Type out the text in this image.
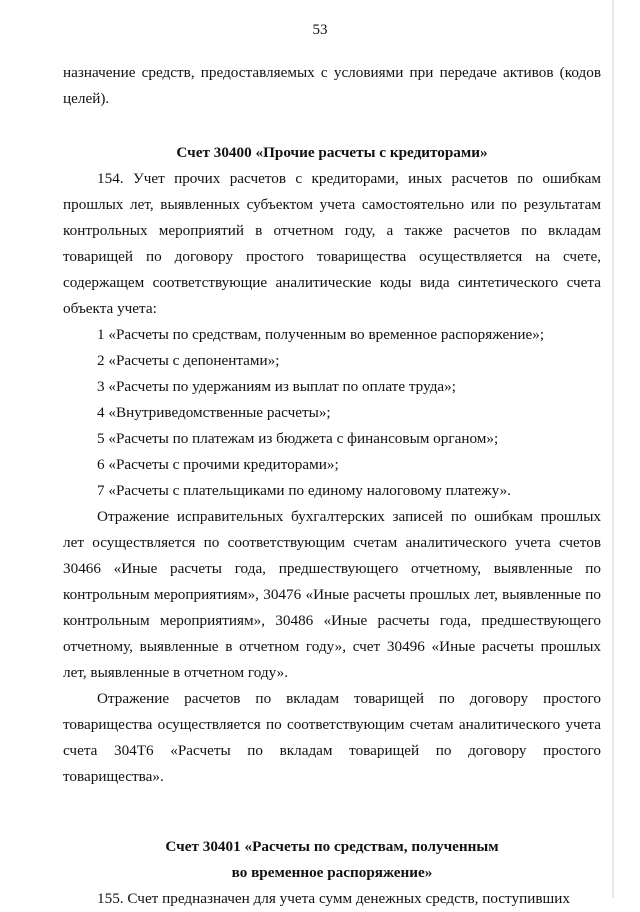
53

назначение средств, предоставляемых с условиями при передаче активов (кодов целей).

Счет 30400 «Прочие расчеты с кредиторами»

154. Учет прочих расчетов с кредиторами, иных расчетов по ошибкам прошлых лет, выявленных субъектом учета самостоятельно или по результатам контрольных мероприятий в отчетном году, а также расчетов по вкладам товарищей по договору простого товарищества осуществляется на счете, содержащем соответствующие аналитические коды вида синтетического счета объекта учета:

1 «Расчеты по средствам, полученным во временное распоряжение»;

2 «Расчеты с депонентами»;

3 «Расчеты по удержаниям из выплат по оплате труда»;

4 «Внутриведомственные расчеты»;

5 «Расчеты по платежам из бюджета с финансовым органом»;

6 «Расчеты с прочими кредиторами»;

7 «Расчеты с плательщиками по единому налоговому платежу».

Отражение исправительных бухгалтерских записей по ошибкам прошлых лет осуществляется по соответствующим счетам аналитического учета счетов 30466 «Иные расчеты года, предшествующего отчетному, выявленные по контрольным мероприятиям», 30476 «Иные расчеты прошлых лет, выявленные по контрольным мероприятиям», 30486 «Иные расчеты года, предшествующего отчетному, выявленные в отчетном году», счет 30496 «Иные расчеты прошлых лет, выявленные в отчетном году».

Отражение расчетов по вкладам товарищей по договору простого товарищества осуществляется по соответствующим счетам аналитического учета счета 304Т6 «Расчеты по вкладам товарищей по договору простого товарищества».

Счет 30401 «Расчеты по средствам, полученным

во временное распоряжение»

155. Счет предназначен для учета сумм денежных средств, поступивших
